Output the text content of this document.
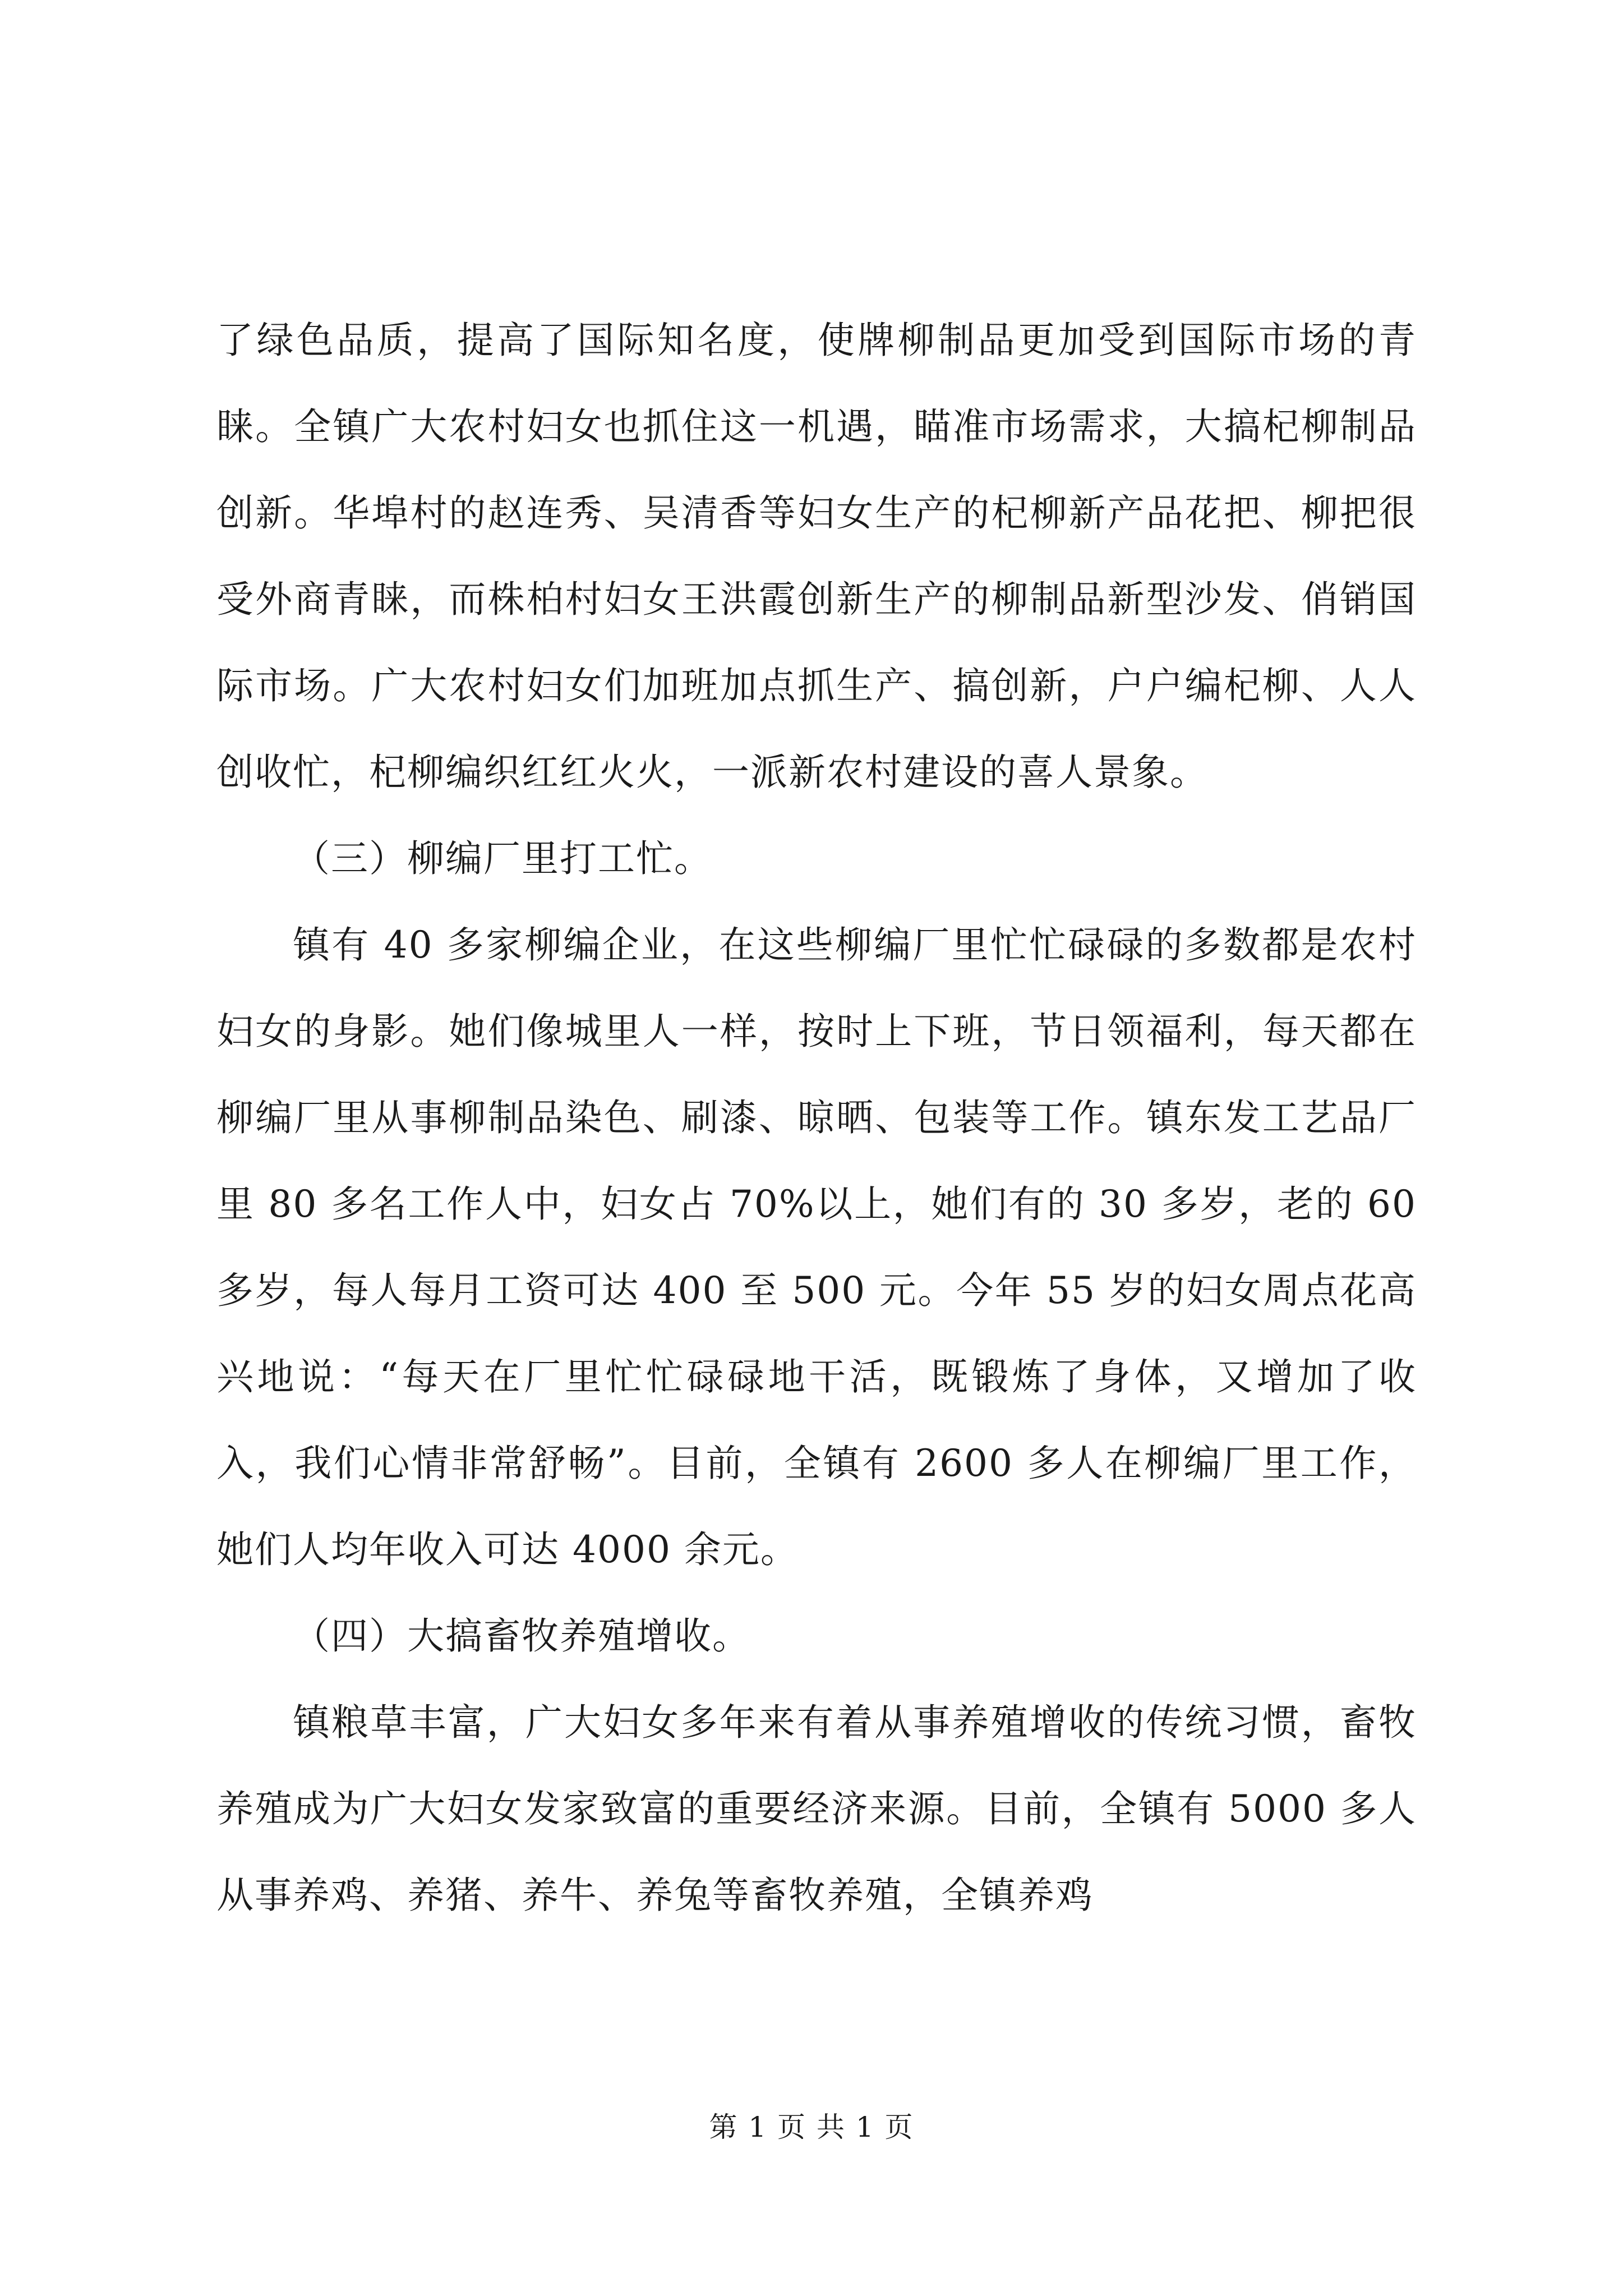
了绿色品质，提高了国际知名度，使牌柳制品更加受到国际市场的青睐。全镇广大农村妇女也抓住这一机遇，瞄准市场需求，大搞杞柳制品创新。华埠村的赵连秀、吴清香等妇女生产的杞柳新产品花把、柳把很受外商青睐，而株柏村妇女王洪霞创新生产的柳制品新型沙发、俏销国际市场。广大农村妇女们加班加点抓生产、搞创新，户户编杞柳、人人创收忙，杞柳编织红红火火，一派新农村建设的喜人景象。

（三）柳编厂里打工忙。

镇有 40 多家柳编企业，在这些柳编厂里忙忙碌碌的多数都是农村妇女的身影。她们像城里人一样，按时上下班，节日领福利，每天都在柳编厂里从事柳制品染色、刷漆、晾晒、包装等工作。镇东发工艺品厂里 80 多名工作人中，妇女占 70%以上，她们有的 30 多岁，老的 60 多岁，每人每月工资可达 400 至 500 元。今年 55 岁的妇女周点花高兴地说：“每天在厂里忙忙碌碌地干活，既锻炼了身体，又增加了收入，我们心情非常舒畅”。目前，全镇有 2600 多人在柳编厂里工作，她们人均年收入可达 4000 余元。

（四）大搞畜牧养殖增收。

镇粮草丰富，广大妇女多年来有着从事养殖增收的传统习惯，畜牧养殖成为广大妇女发家致富的重要经济来源。目前，全镇有 5000 多人从事养鸡、养猪、养牛、养兔等畜牧养殖，全镇养鸡

第 1 页 共 1 页
